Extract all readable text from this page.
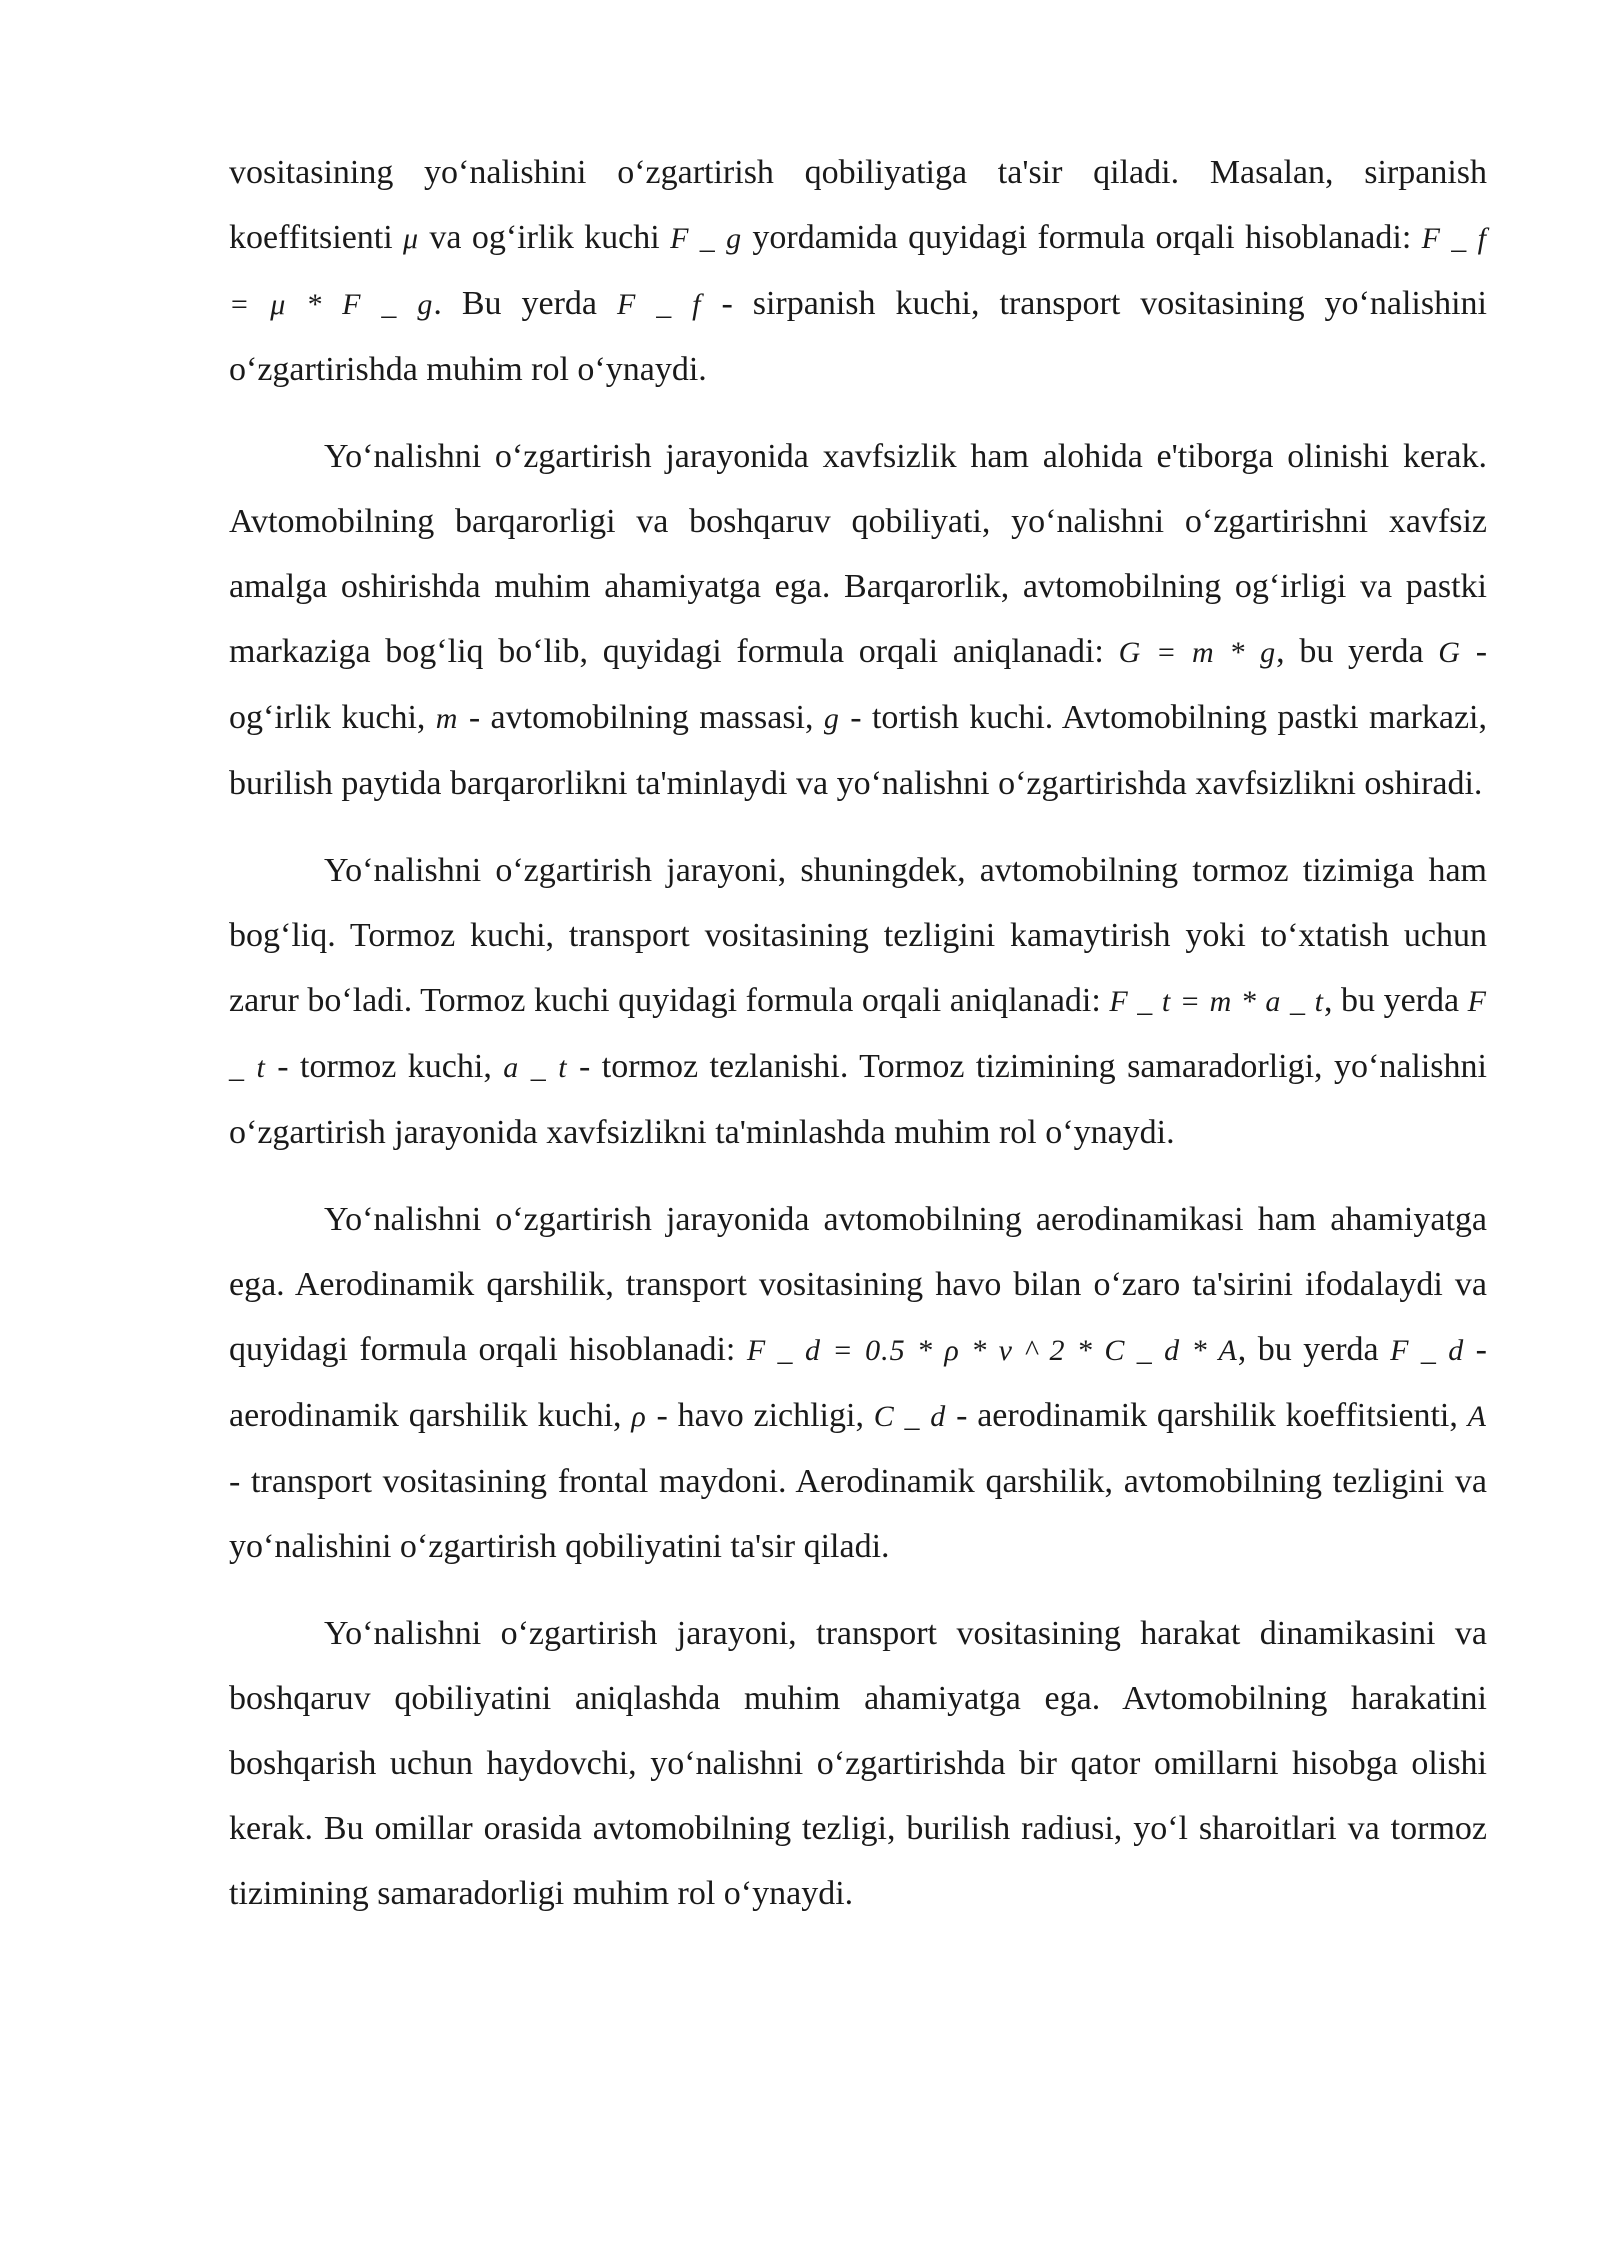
vositasining yoʻnalishini oʻzgartirish qobiliyatiga ta'sir qiladi. Masalan, sirpanish koeffitsienti μ va ogʻirlik kuchi F _ g yordamida quyidagi formula orqali hisoblanadi: F _ f = μ * F _ g. Bu yerda F _ f - sirpanish kuchi, transport vositasining yoʻnalishini oʻzgartirishda muhim rol oʻynaydi.

Yoʻnalishni oʻzgartirish jarayonida xavfsizlik ham alohida e'tiborga olinishi kerak. Avtomobilning barqarorligi va boshqaruv qobiliyati, yoʻnalishni oʻzgartirishni xavfsiz amalga oshirishda muhim ahamiyatga ega. Barqarorlik, avtomobilning ogʻirligi va pastki markaziga bogʻliq boʻlib, quyidagi formula orqali aniqlanadi: G = m * g, bu yerda G - ogʻirlik kuchi, m - avtomobilning massasi, g - tortish kuchi. Avtomobilning pastki markazi, burilish paytida barqarorlikni ta'minlaydi va yoʻnalishni oʻzgartirishda xavfsizlikni oshiradi.

Yoʻnalishni oʻzgartirish jarayoni, shuningdek, avtomobilning tormoz tizimiga ham bogʻliq. Tormoz kuchi, transport vositasining tezligini kamaytirish yoki toʻxtatish uchun zarur boʻladi. Tormoz kuchi quyidagi formula orqali aniqlanadi: F _ t = m * a _ t, bu yerda F _ t - tormoz kuchi, a _ t - tormoz tezlanishi. Tormoz tizimining samaradorligi, yoʻnalishni oʻzgartirish jarayonida xavfsizlikni ta'minlashda muhim rol oʻynaydi.

Yoʻnalishni oʻzgartirish jarayonida avtomobilning aerodinamikasi ham ahamiyatga ega. Aerodinamik qarshilik, transport vositasining havo bilan oʻzaro ta'sirini ifodalaydi va quyidagi formula orqali hisoblanadi: F _ d = 0.5 * ρ * v ^ 2 * C _ d * A, bu yerda F _ d - aerodinamik qarshilik kuchi, ρ - havo zichligi, C _ d - aerodinamik qarshilik koeffitsienti, A - transport vositasining frontal maydoni. Aerodinamik qarshilik, avtomobilning tezligini va yoʻnalishini oʻzgartirish qobiliyatini ta'sir qiladi.

Yoʻnalishni oʻzgartirish jarayoni, transport vositasining harakat dinamikasini va boshqaruv qobiliyatini aniqlashda muhim ahamiyatga ega. Avtomobilning harakatini boshqarish uchun haydovchi, yoʻnalishni oʻzgartirishda bir qator omillarni hisobga olishi kerak. Bu omillar orasida avtomobilning tezligi, burilish radiusi, yoʻl sharoitlari va tormoz tizimining samaradorligi muhim rol oʻynaydi.
